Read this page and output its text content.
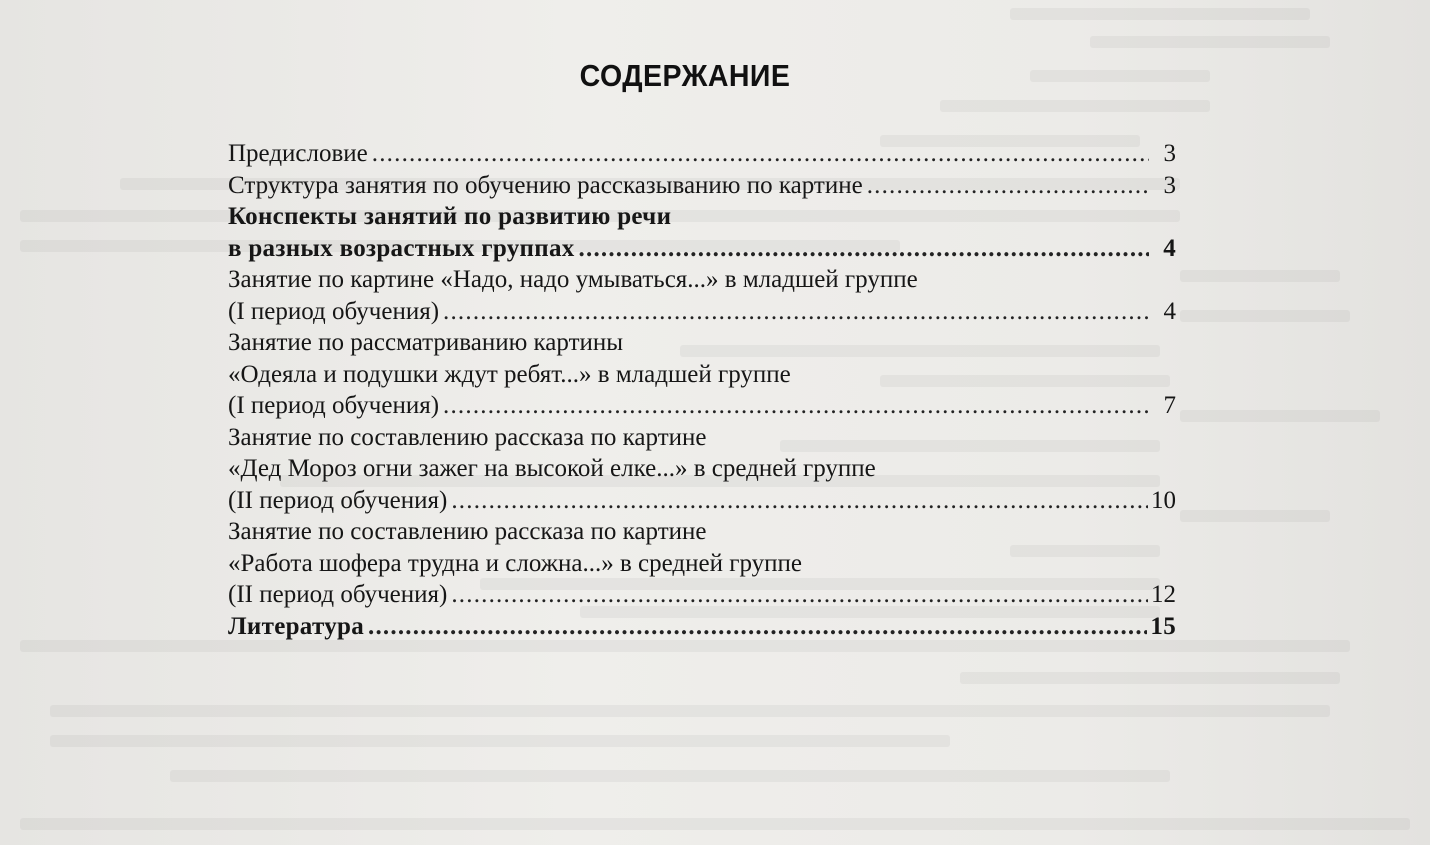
СОДЕРЖАНИЕ
Предисловие .....	3
Структура занятия по обучению рассказыванию по картине .....	3
Конспекты занятий по развитию речи
в разных возрастных группах .....	4
Занятие по картине «Надо, надо умываться...» в младшей группе
(I период обучения) .....	4
Занятие по рассматриванию картины
«Одеяла и подушки ждут ребят...» в младшей группе
(I период обучения) .....	7
Занятие по составлению рассказа по картине
«Дед Мороз огни зажег на высокой елке...» в средней группе
(II период обучения) .....	10
Занятие по составлению рассказа по картине
«Работа шофера трудна и сложна...» в средней группе
(II период обучения) .....	12
Литература .....	15
